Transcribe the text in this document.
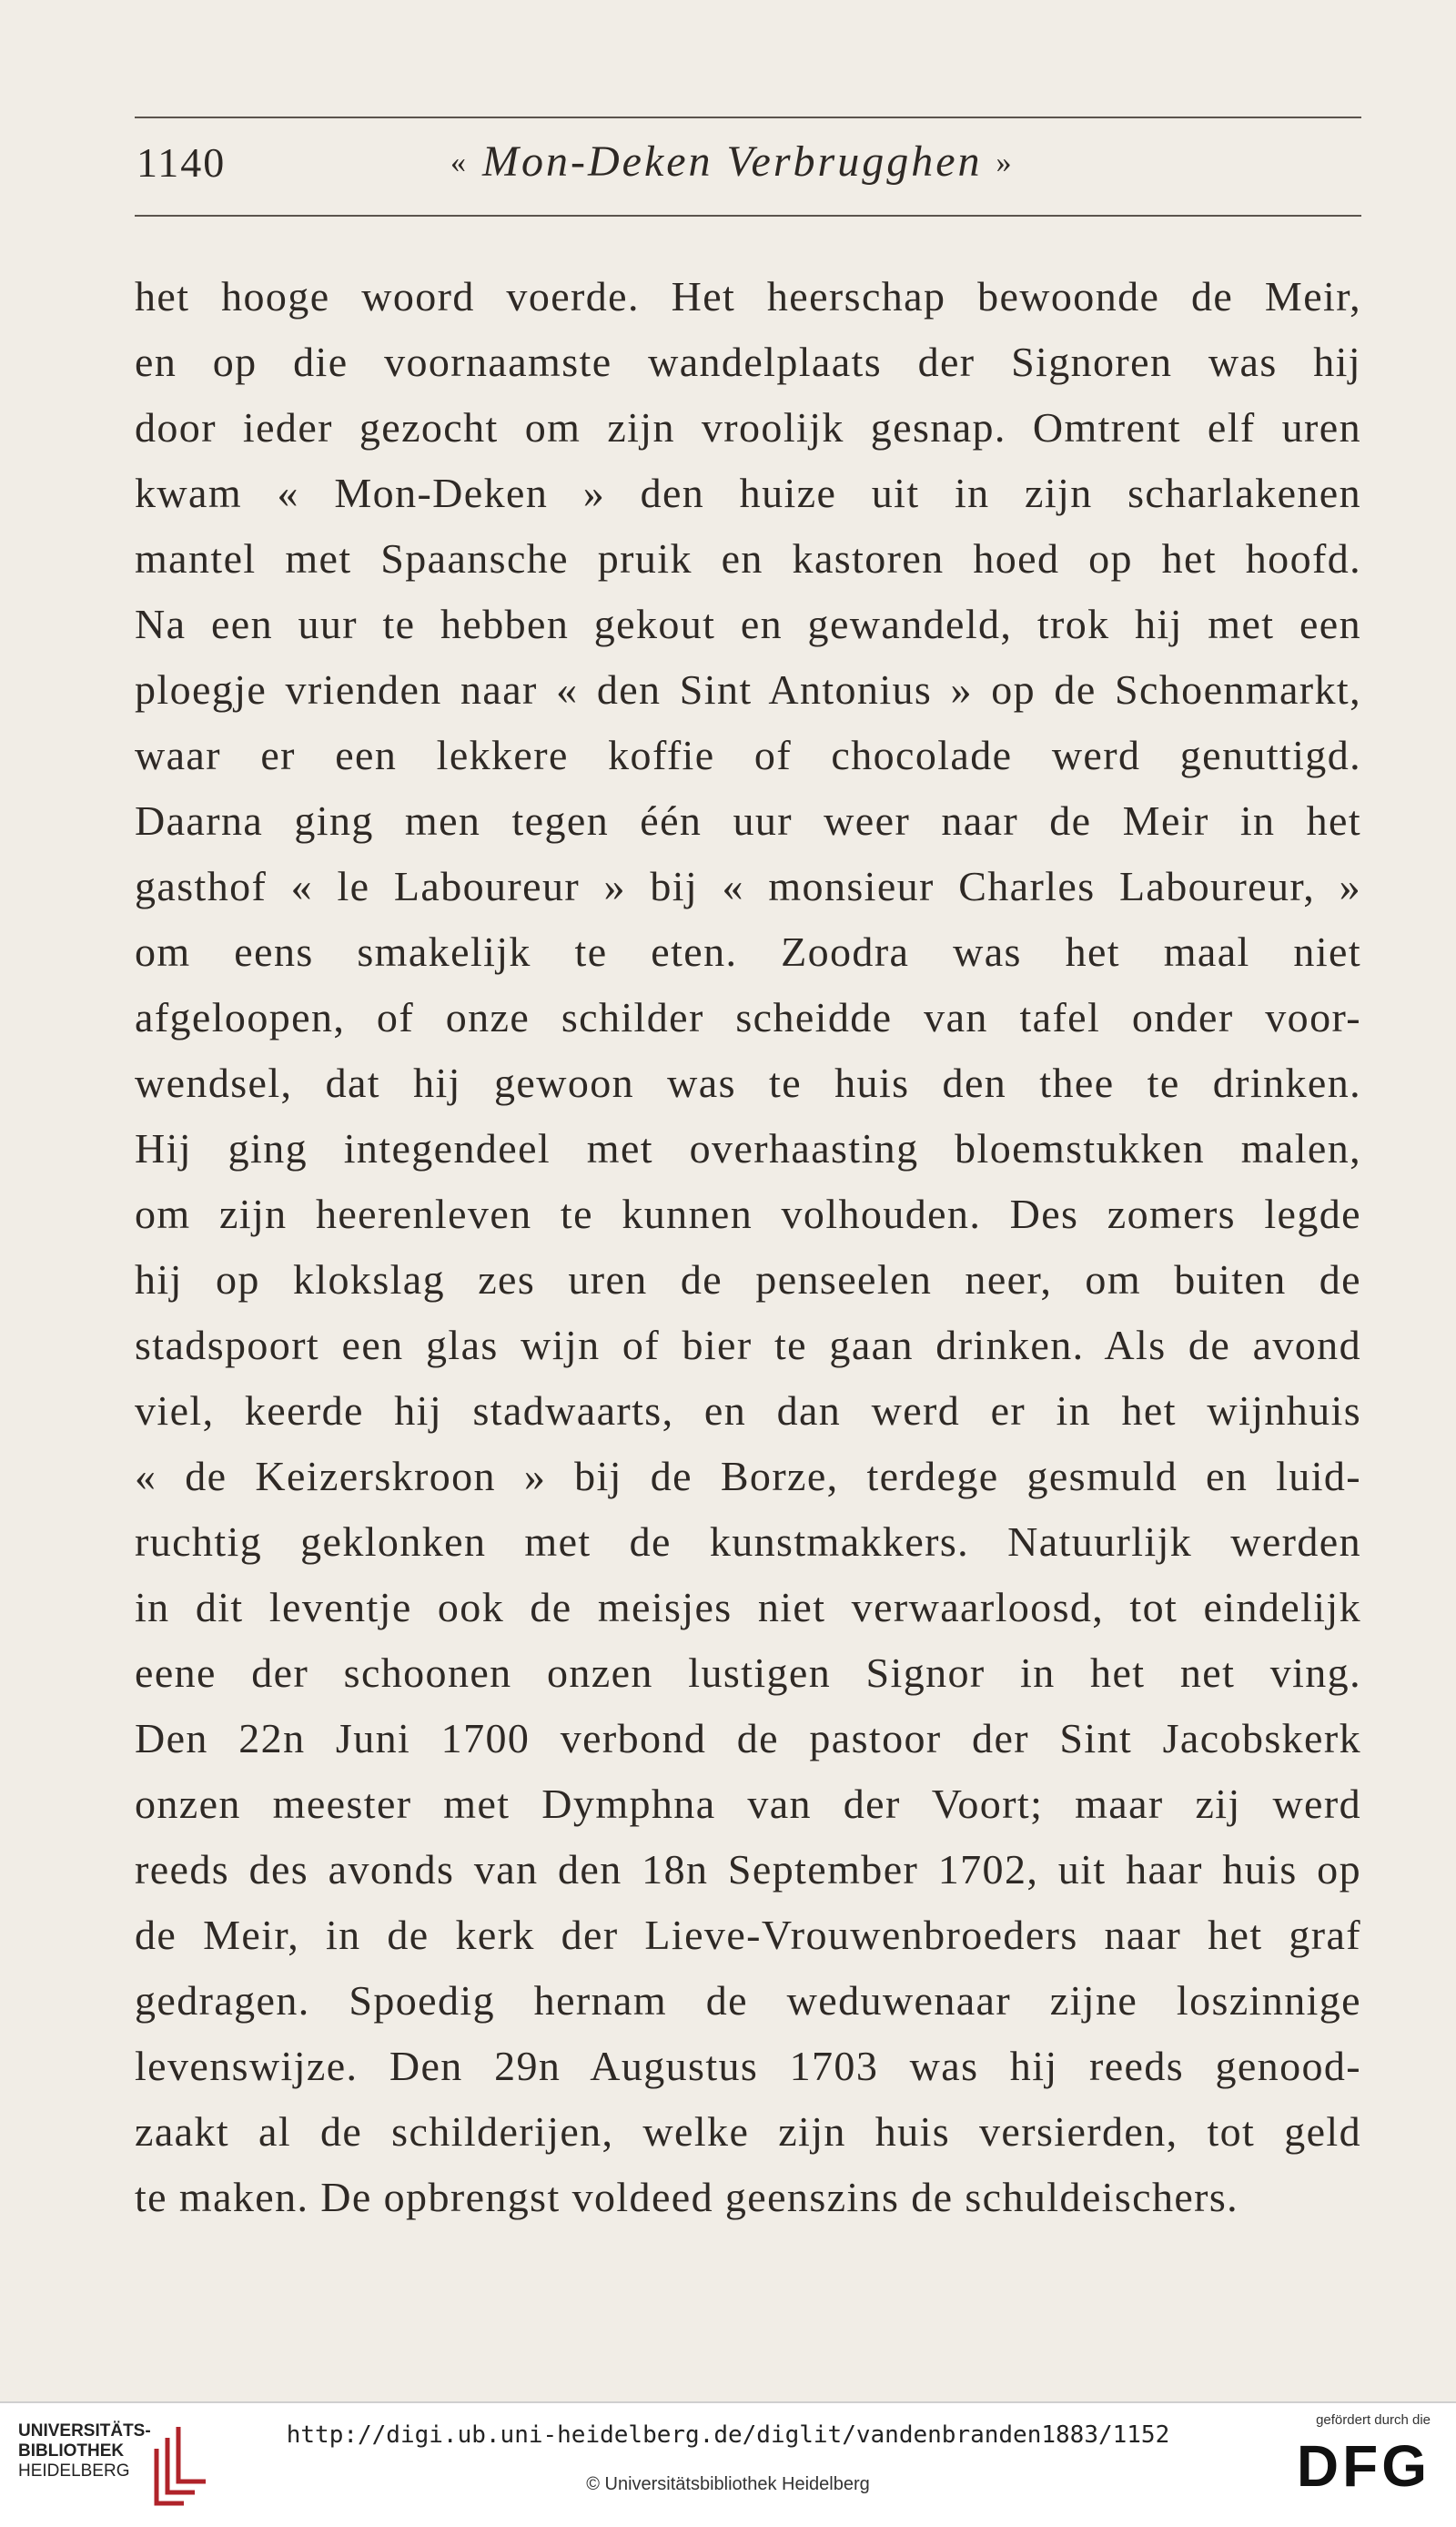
1140	« Mon-Deken Verbrugghen »
het hooge woord voerde. Het heerschap bewoonde de Meir,
en op die voornaamste wandelplaats der Signoren was hij
door ieder gezocht om zijn vroolijk gesnap. Omtrent elf uren
kwam « Mon-Deken » den huize uit in zijn scharlakenen
mantel met Spaansche pruik en kastoren hoed op het hoofd.
Na een uur te hebben gekout en gewandeld, trok hij met een
ploegje vrienden naar « den Sint Antonius » op de Schoenmarkt,
waar er een lekkere koffie of chocolade werd genuttigd.
Daarna ging men tegen één uur weer naar de Meir in het
gasthof « le Laboureur » bij « monsieur Charles Laboureur, »
om eens smakelijk te eten. Zoodra was het maal niet
afgeloopen, of onze schilder scheidde van tafel onder voor-
wendsel, dat hij gewoon was te huis den thee te drinken.
Hij ging integendeel met overhaasting bloemstukken malen,
om zijn heerenleven te kunnen volhouden. Des zomers legde
hij op klokslag zes uren de penseelen neer, om buiten de
stadspoort een glas wijn of bier te gaan drinken. Als de avond
viel, keerde hij stadwaarts, en dan werd er in het wijnhuis
« de Keizerskroon » bij de Borze, terdege gesmuld en luid-
ruchtig geklonken met de kunstmakkers. Natuurlijk werden
in dit leventje ook de meisjes niet verwaarloosd, tot eindelijk
eene der schoonen onzen lustigen Signor in het net ving.
Den 22n Juni 1700 verbond de pastoor der Sint Jacobskerk
onzen meester met Dymphna van der Voort; maar zij werd
reeds des avonds van den 18n September 1702, uit haar huis op
de Meir, in de kerk der Lieve-Vrouwenbroeders naar het graf
gedragen. Spoedig hernam de weduwenaar zijne loszinnige
levenswijze. Den 29n Augustus 1703 was hij reeds genood-
zaakt al de schilderijen, welke zijn huis versierden, tot geld
te maken. De opbrengst voldeed geenszins de schuldeischers.
UNIVERSITÄTS-
BIBLIOTHEK
HEIDELBERG
http://digi.ub.uni-heidelberg.de/diglit/vandenbranden1883/1152
© Universitätsbibliothek Heidelberg
gefördert durch die
DFG
